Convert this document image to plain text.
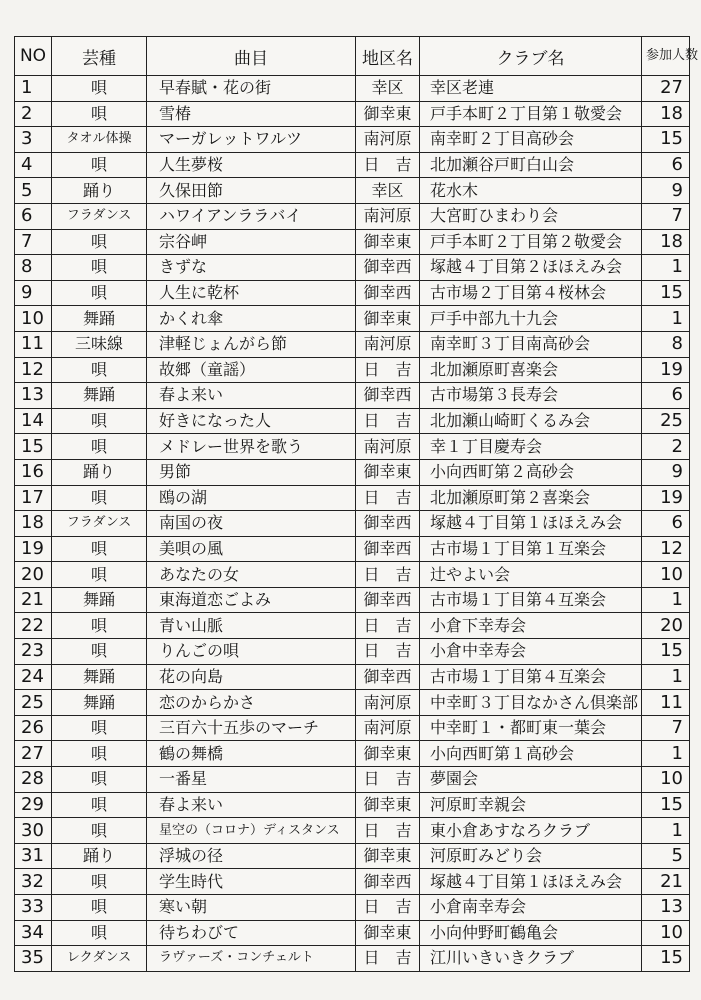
NO	芸種	曲目	地区名	クラブ名	参加人数
1	唄	早春賦・花の街	幸区	幸区老連	27
2	唄	雪椿	御幸東	戸手本町２丁目第１敬愛会	18
3	タオル体操	マーガレットワルツ	南河原	南幸町２丁目高砂会	15
4	唄	人生夢桜	日　吉	北加瀬谷戸町白山会	6
5	踊り	久保田節	幸区	花水木	9
6	フラダンス	ハワイアンララバイ	南河原	大宮町ひまわり会	7
7	唄	宗谷岬	御幸東	戸手本町２丁目第２敬愛会	18
8	唄	きずな	御幸西	塚越４丁目第２ほほえみ会	1
9	唄	人生に乾杯	御幸西	古市場２丁目第４桜林会	15
10	舞踊	かくれ傘	御幸東	戸手中部九十九会	1
11	三味線	津軽じょんがら節	南河原	南幸町３丁目南高砂会	8
12	唄	故郷（童謡）	日　吉	北加瀬原町喜楽会	19
13	舞踊	春よ来い	御幸西	古市場第３長寿会	6
14	唄	好きになった人	日　吉	北加瀬山崎町くるみ会	25
15	唄	メドレー世界を歌う	南河原	幸１丁目慶寿会	2
16	踊り	男節	御幸東	小向西町第２高砂会	9
17	唄	鴎の湖	日　吉	北加瀬原町第２喜楽会	19
18	フラダンス	南国の夜	御幸西	塚越４丁目第１ほほえみ会	6
19	唄	美唄の風	御幸西	古市場１丁目第１互楽会	12
20	唄	あなたの女	日　吉	辻やよい会	10
21	舞踊	東海道恋ごよみ	御幸西	古市場１丁目第４互楽会	1
22	唄	青い山脈	日　吉	小倉下幸寿会	20
23	唄	りんごの唄	日　吉	小倉中幸寿会	15
24	舞踊	花の向島	御幸西	古市場１丁目第４互楽会	1
25	舞踊	恋のからかさ	南河原	中幸町３丁目なかさん倶楽部	11
26	唄	三百六十五歩のマーチ	南河原	中幸町１・都町東一葉会	7
27	唄	鶴の舞橋	御幸東	小向西町第１高砂会	1
28	唄	一番星	日　吉	夢園会	10
29	唄	春よ来い	御幸東	河原町幸親会	15
30	唄	星空の（コロナ）ディスタンス	日　吉	東小倉あすなろクラブ	1
31	踊り	浮城の径	御幸東	河原町みどり会	5
32	唄	学生時代	御幸西	塚越４丁目第１ほほえみ会	21
33	唄	寒い朝	日　吉	小倉南幸寿会	13
34	唄	待ちわびて	御幸東	小向仲野町鶴亀会	10
35	レクダンス	ラヴァーズ・コンチェルト	日　吉	江川いきいきクラブ	15
